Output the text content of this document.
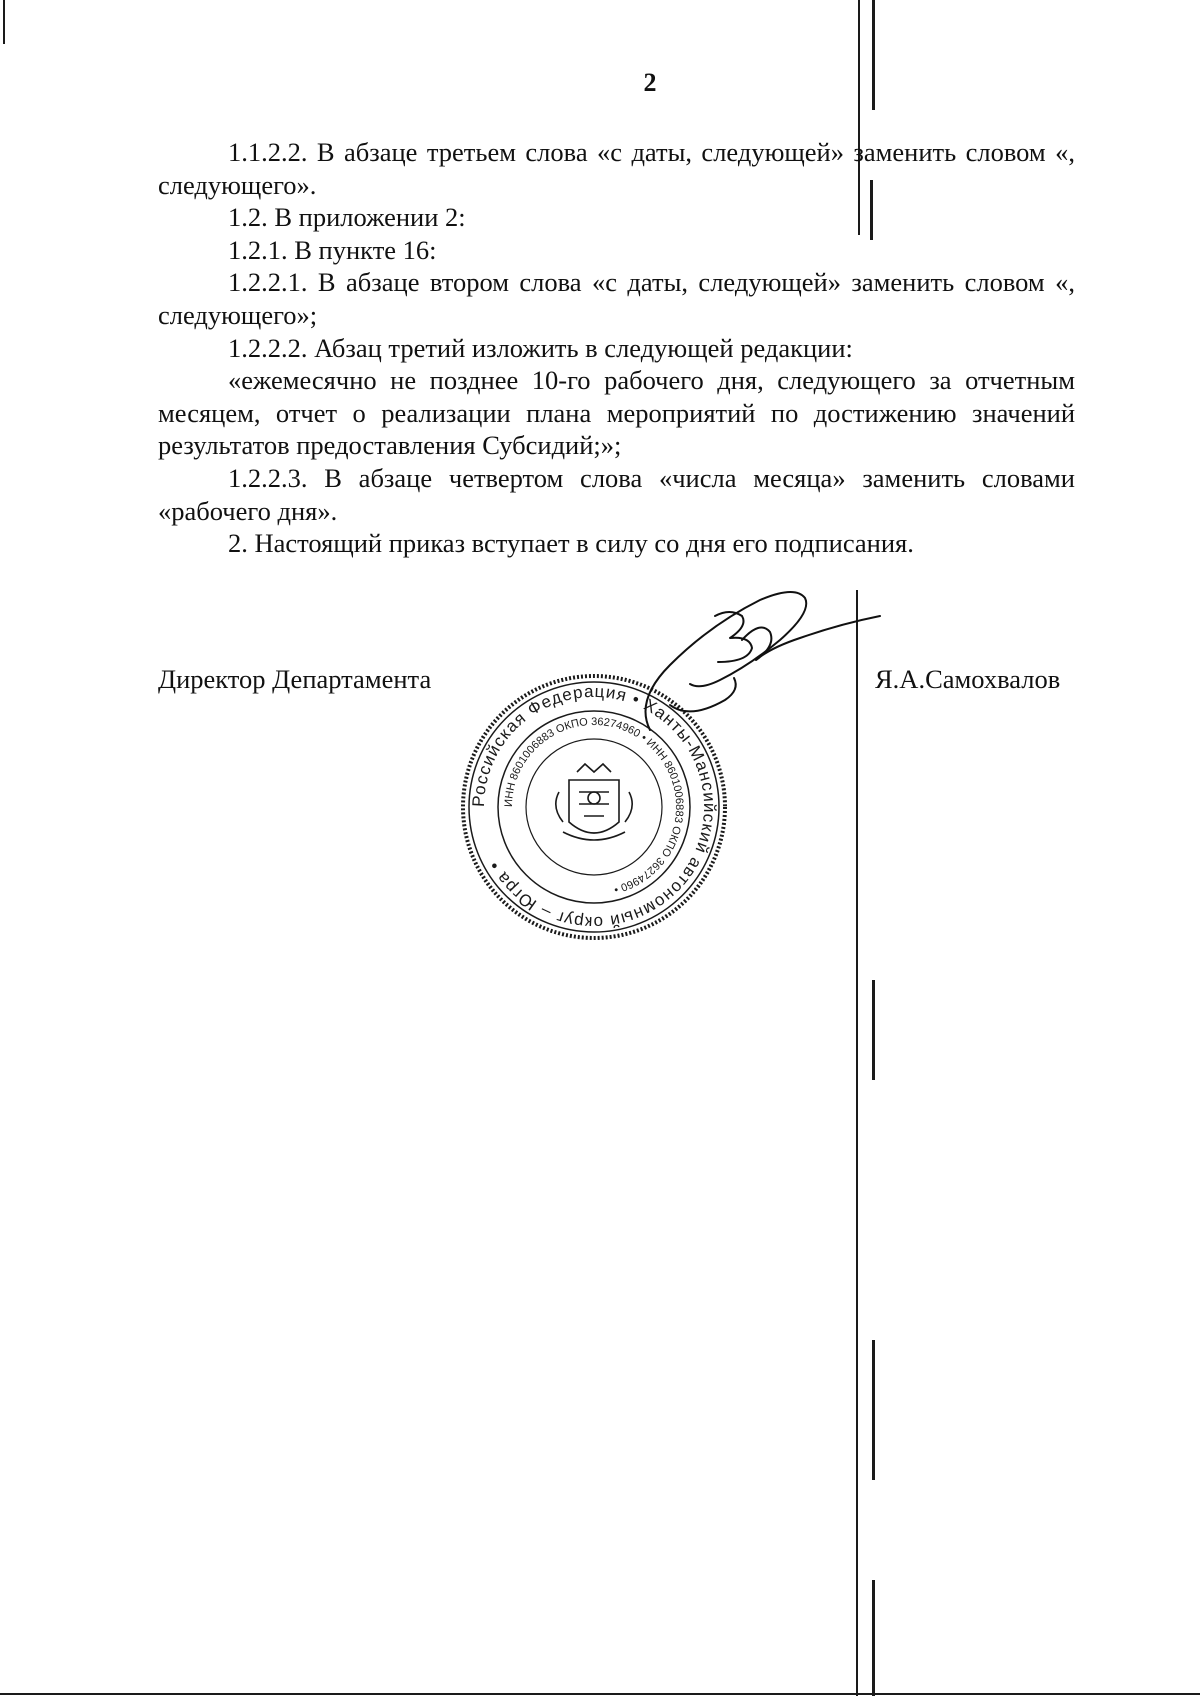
2

1.1.2.2. В абзаце третьем слова «с даты, следующей» заменить словом «, следующего».

1.2. В приложении 2:

1.2.1. В пункте 16:

1.2.2.1. В абзаце втором слова «с даты, следующей» заменить словом «, следующего»;

1.2.2.2. Абзац третий изложить в следующей редакции:

«ежемесячно не позднее 10-го рабочего дня, следующего за отчетным месяцем, отчет о реализации плана мероприятий по достижению значений результатов предоставления Субсидий;»;

1.2.2.3. В абзаце четвертом слова «числа месяца» заменить словами «рабочего дня».

2. Настоящий приказ вступает в силу со дня его подписания.

Директор Департамента
Российская Федерация • Ханты-Мансийский автономный округ – Югра •
ИНН 8601006883 ОКПО 36274960 • ИНН 8601006883 ОКПО 36274960 •
Я.А.Самохвалов
